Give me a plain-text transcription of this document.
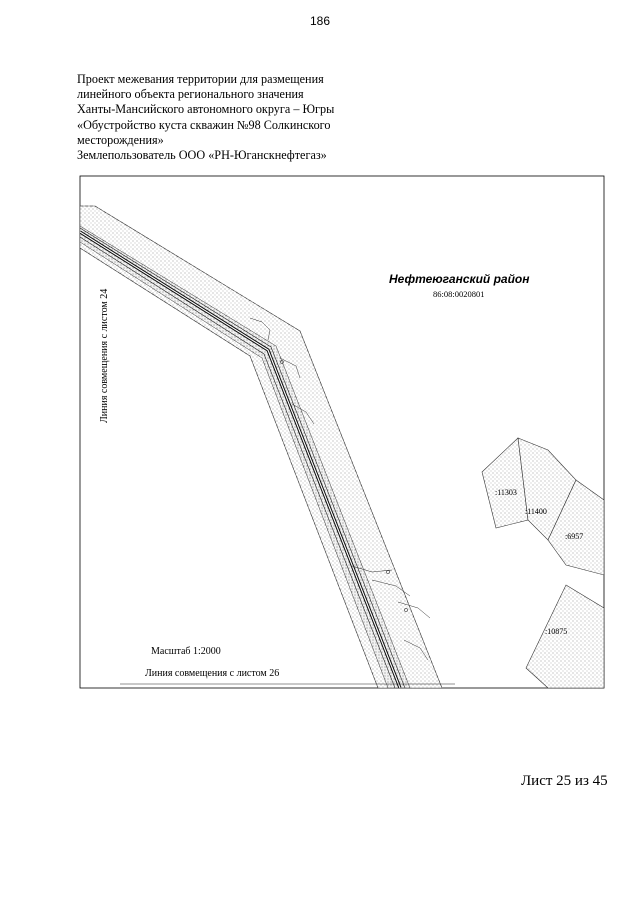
186
Проект межевания территории для размещения
линейного объекта регионального значения
Ханты-Мансийского автономного округа – Югры
«Обустройство куста скважин №98 Солкинского
месторождения»
Землепользователь ООО «РН-Юганскнефтегаз»
Нефтеюганский район
86:08:0020801
Линия совмещения с листом 24
Масштаб 1:2000
Линия совмещения с листом 26
:11303
:11400
:6957
:10875
Лист 25 из 45
